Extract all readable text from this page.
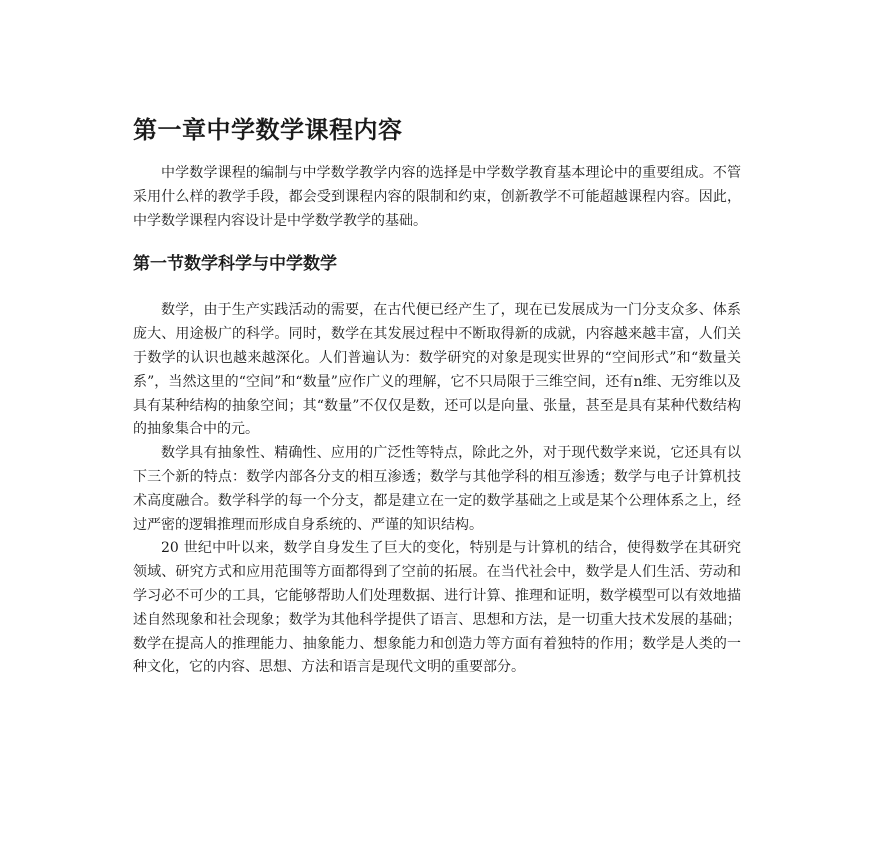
第一章中学数学课程内容

中学数学课程的编制与中学数学教学内容的选择是中学数学教育基本理论中的重要组成。不管采用什么样的教学手段，都会受到课程内容的限制和约束，创新教学不可能超越课程内容。因此，中学数学课程内容设计是中学数学教学的基础。

第一节数学科学与中学数学

数学，由于生产实践活动的需要，在古代便已经产生了，现在已发展成为一门分支众多、体系庞大、用途极广的科学。同时，数学在其发展过程中不断取得新的成就，内容越来越丰富，人们关于数学的认识也越来越深化。人们普遍认为：数学研究的对象是现实世界的“空间形式”和“数量关系”，当然这里的“空间”和“数量”应作广义的理解，它不只局限于三维空间，还有n维、无穷维以及具有某种结构的抽象空间；其“数量”不仅仅是数，还可以是向量、张量，甚至是具有某种代数结构的抽象集合中的元。

数学具有抽象性、精确性、应用的广泛性等特点，除此之外，对于现代数学来说，它还具有以下三个新的特点：数学内部各分支的相互渗透；数学与其他学科的相互渗透；数学与电子计算机技术高度融合。数学科学的每一个分支，都是建立在一定的数学基础之上或是某个公理体系之上，经过严密的逻辑推理而形成自身系统的、严谨的知识结构。

20 世纪中叶以来，数学自身发生了巨大的变化，特别是与计算机的结合，使得数学在其研究领域、研究方式和应用范围等方面都得到了空前的拓展。在当代社会中，数学是人们生活、劳动和学习必不可少的工具，它能够帮助人们处理数据、进行计算、推理和证明，数学模型可以有效地描述自然现象和社会现象；数学为其他科学提供了语言、思想和方法，是一切重大技术发展的基础；数学在提高人的推理能力、抽象能力、想象能力和创造力等方面有着独特的作用；数学是人类的一种文化，它的内容、思想、方法和语言是现代文明的重要部分。
